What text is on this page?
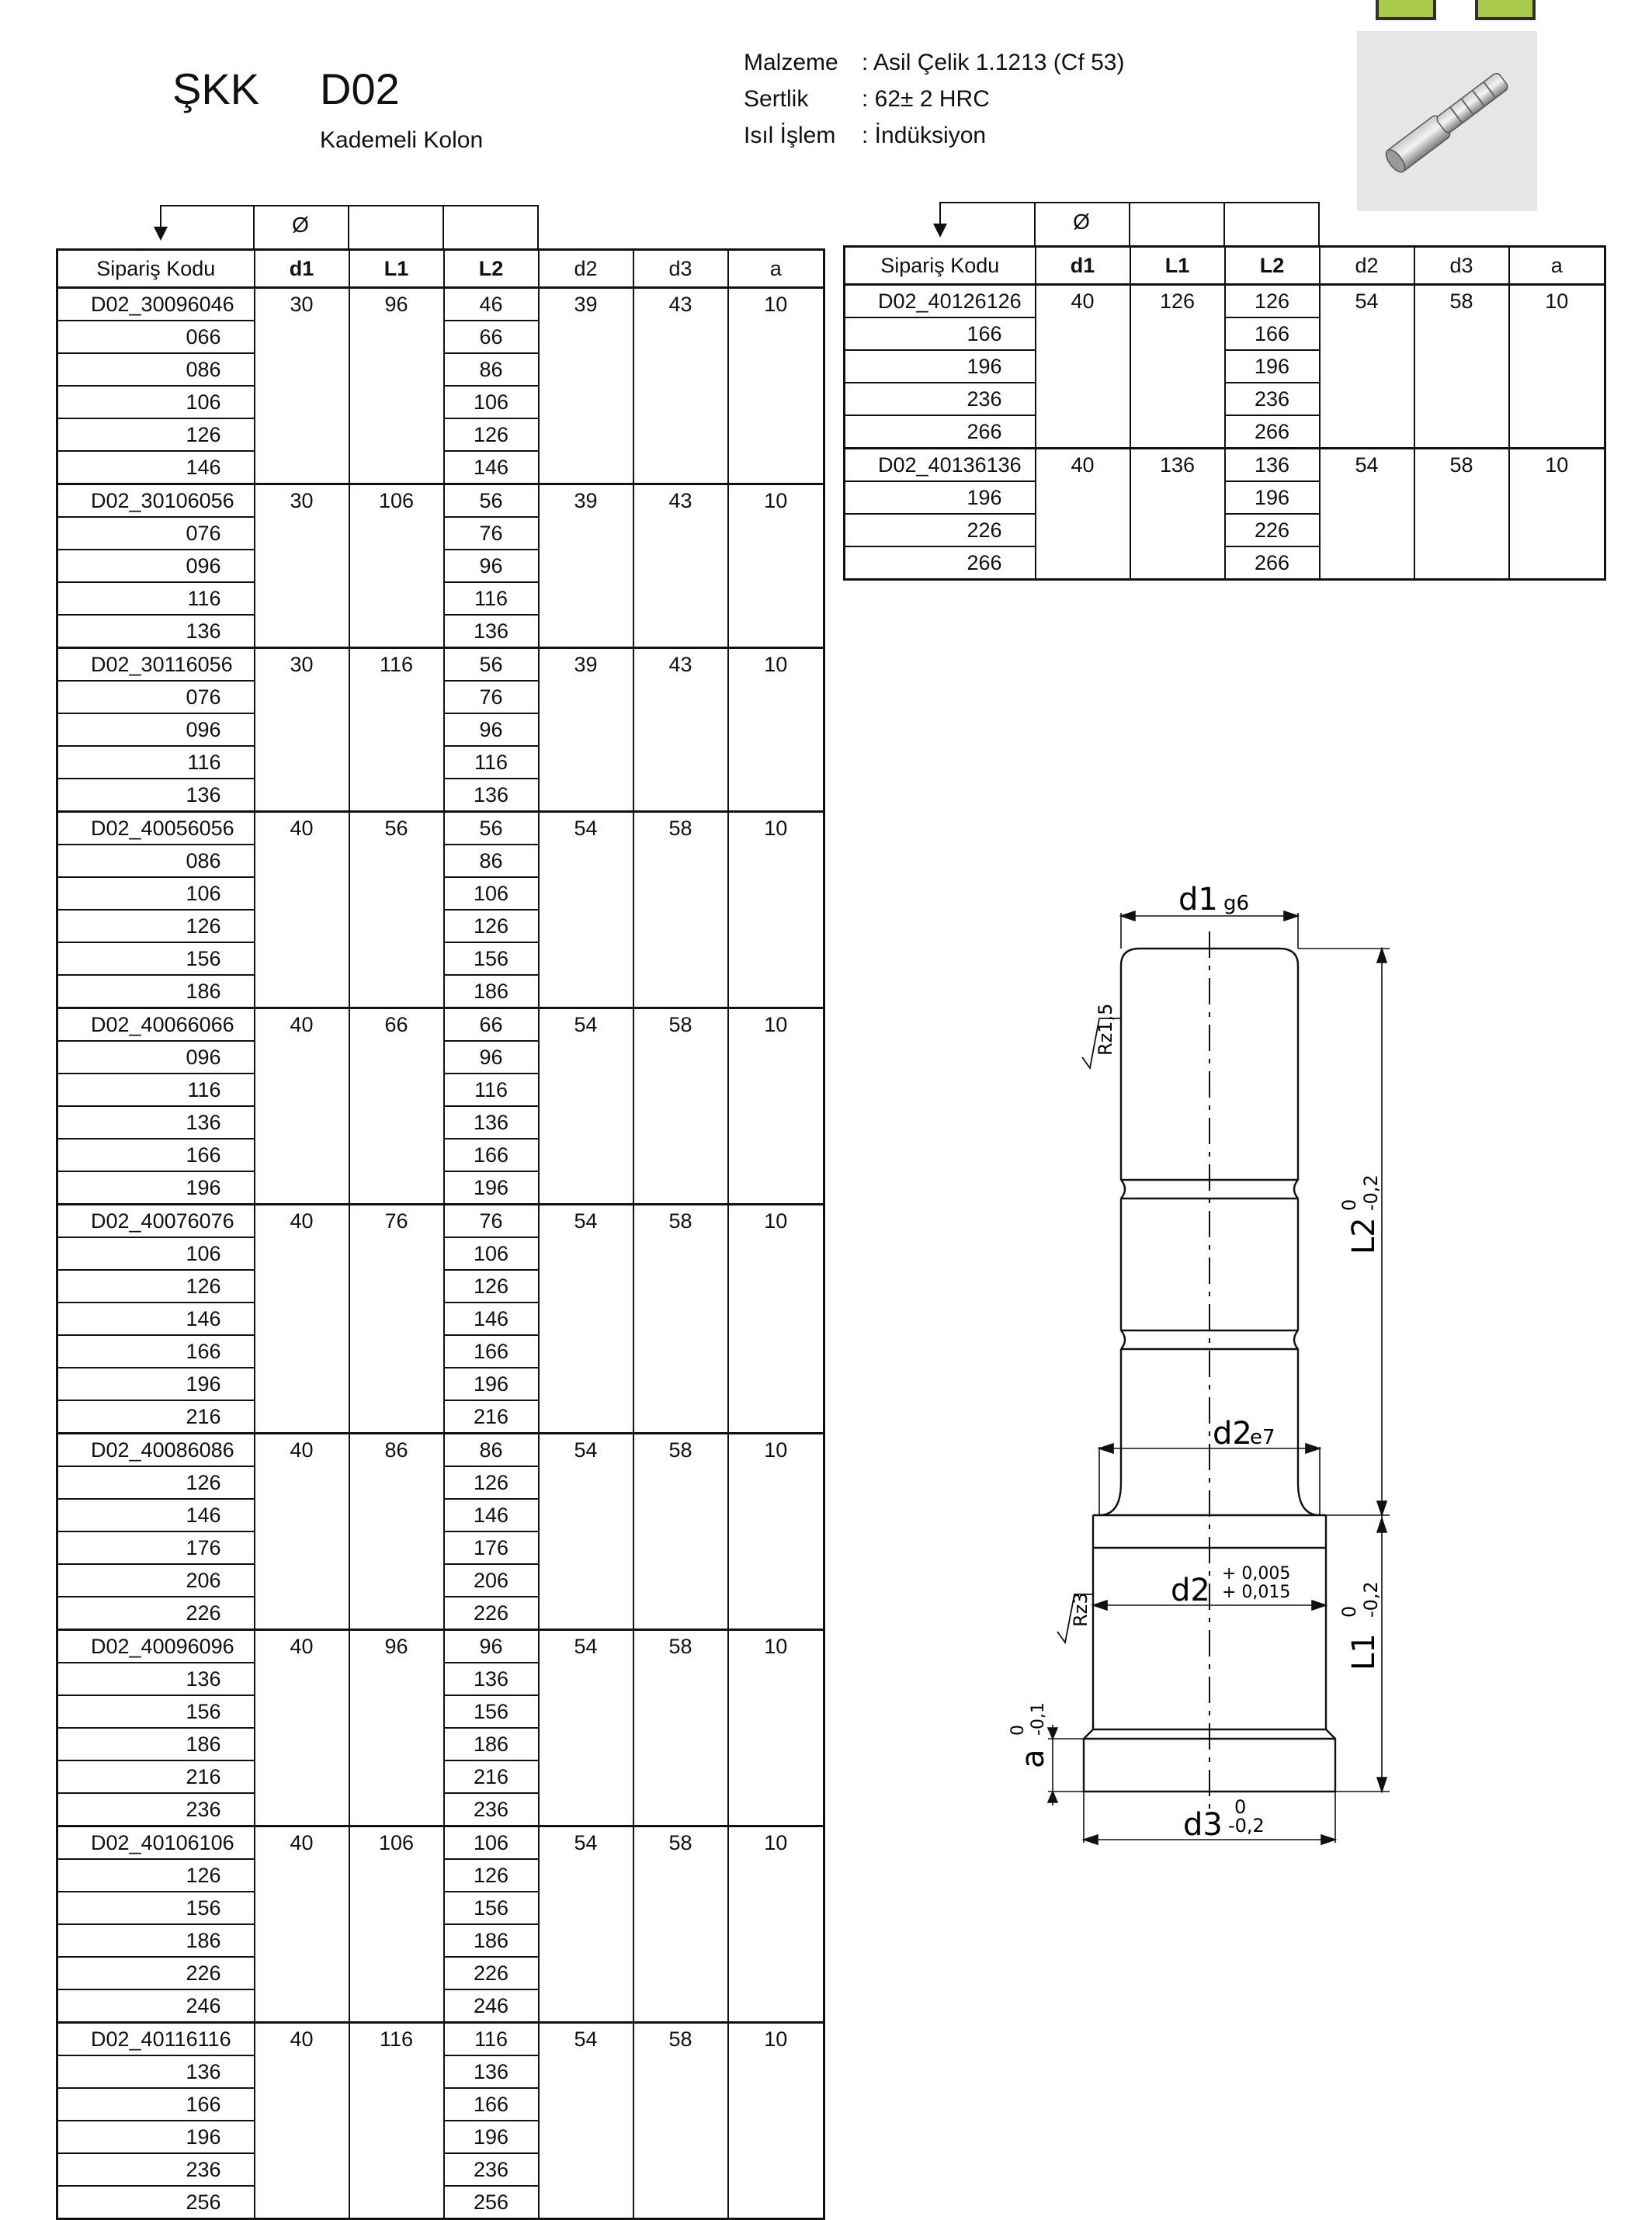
ŞKK D02
Kademeli Kolon
Malzeme : Asil Çelik 1.1213 (Cf 53)
Sertlik : 62± 2 HRC
Isıl İşlem : İndüksiyon
Ø	Ø
Sipariş Kodu	d1	L1	L2	d2	d3	a
D02_30096046	30	96	46	39	43	10
066			66			
086			86			
106			106			
126			126			
146			146			
D02_30106056	30	106	56	39	43	10
076			76			
096			96			
116			116			
136			136			
D02_30116056	30	116	56	39	43	10
076			76			
096			96			
116			116			
136			136			
D02_40056056	40	56	56	54	58	10
086			86			
106			106			
126			126			
156			156			
186			186			
D02_40066066	40	66	66	54	58	10
096			96			
116			116			
136			136			
166			166			
196			196			
D02_40076076	40	76	76	54	58	10
106			106			
126			126			
146			146			
166			166			
196			196			
216			216			
D02_40086086	40	86	86	54	58	10
126			126			
146			146			
176			176			
206			206			
226			226			
D02_40096096	40	96	96	54	58	10
136			136			
156			156			
186			186			
216			216			
236			236			
D02_40106106	40	106	106	54	58	10
126			126			
156			156			
186			186			
226			226			
246			246			
D02_40116116	40	116	116	54	58	10
136			136			
166			166			
196			196			
236			236			
256			256			
Sipariş Kodu	d1	L1	L2	d2	d3	a
D02_40126126	40	126	126	54	58	10
166			166			
196			196			
236			236			
266			266			
D02_40136136	40	136	136	54	58	10
196			196			
226			226			
266			266			
d1 g6
Rz1,5
L2
0 -0,2
d2
e7
Rz3
d2 + 0,005
+ 0,015
L1
0 -0,2
a
0 -0,1
d3 0
-0,2
